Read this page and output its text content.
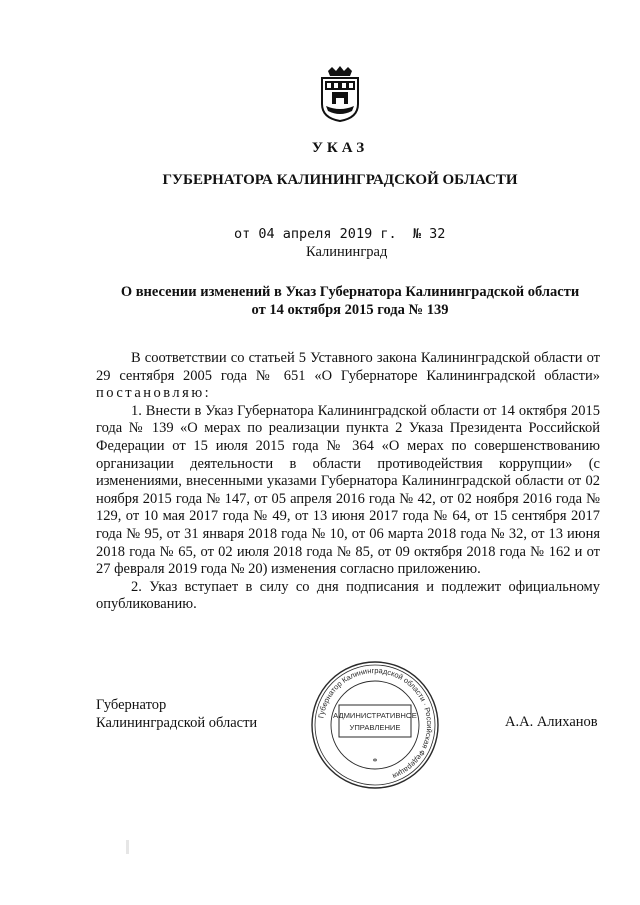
УКАЗ
ГУБЕРНАТОРА КАЛИНИНГРАДСКОЙ ОБЛАСТИ
от 04 апреля 2019 г. № 32
Калининград
О внесении изменений в Указ Губернатора Калининградской области
от 14 октября 2015 года № 139

В соответствии со статьей 5 Уставного закона Калининградской области от 29 сентября 2005 года № 651 «О Губернаторе Калининградской области» постановляю:

1. Внести в Указ Губернатора Калининградской области от 14 октября 2015 года № 139 «О мерах по реализации пункта 2 Указа Президента Российской Федерации от 15 июля 2015 года № 364 «О мерах по совершенствованию организации деятельности в области противодействия коррупции» (с изменениями, внесенными указами Губернатора Калининградской области от 02 ноября 2015 года № 147, от 05 апреля 2016 года № 42, от 02 ноября 2016 года № 129, от 10 мая 2017 года № 49, от 13 июня 2017 года № 64, от 15 сентября 2017 года № 95, от 31 января 2018 года № 10, от 06 марта 2018 года № 32, от 13 июня 2018 года № 65, от 02 июля 2018 года № 85, от 09 октября 2018 года № 162 и от 27 февраля 2019 года № 20) изменения согласно приложению.

2. Указ вступает в силу со дня подписания и подлежит официальному опубликованию.

Губернатор
Калининградской области	Губернатор Калининградской области · Российская Федерация
АДМИНИСТРАТИВНОЕ
УПРАВЛЕНИЕ
*
А.А. Алиханов
